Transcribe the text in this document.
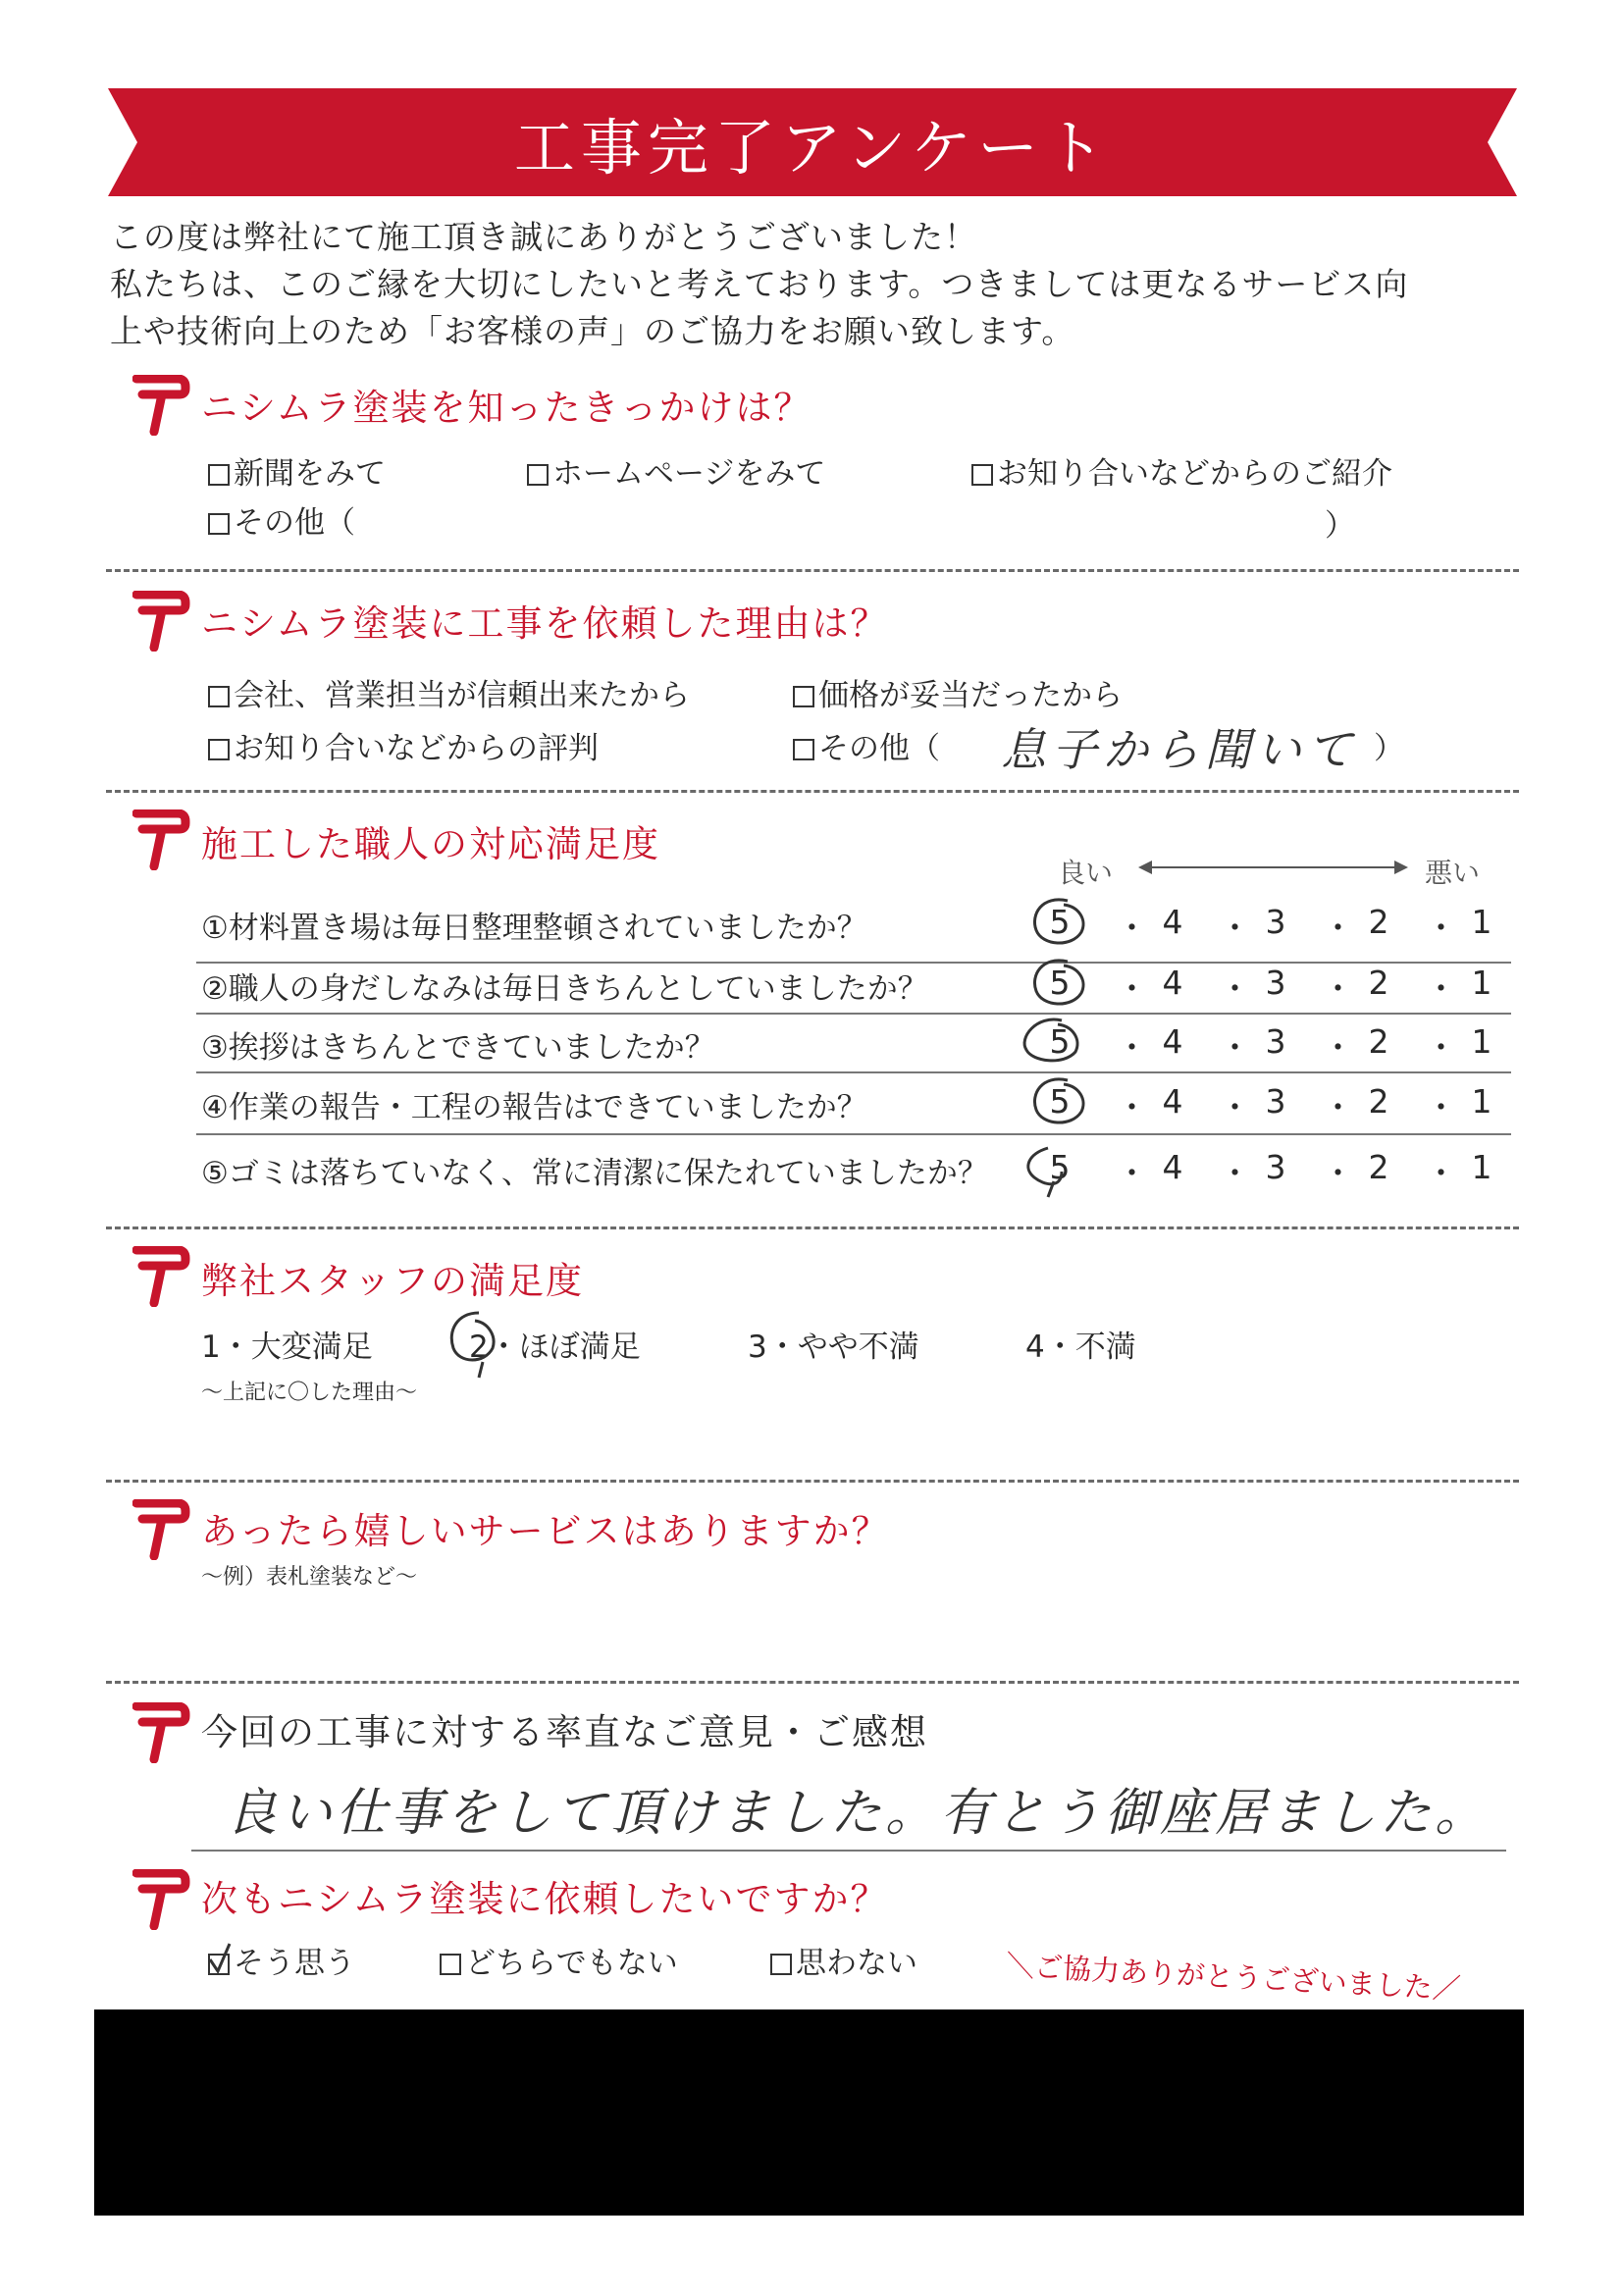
工事完了アンケート
この度は弊社にて施工頂き誠にありがとうございました！
私たちは、このご縁を大切にしたいと考えております。つきましては更なるサービス向
上や技術向上のため「お客様の声」のご協力をお願い致します。
ニシムラ塗装を知ったきっかけは？
新聞をみて	ホームページをみて	お知り合いなどからのご紹介
その他（	）
ニシムラ塗装に工事を依頼した理由は？
会社、営業担当が信頼出来たから	価格が妥当だったから
お知り合いなどからの評判	その他（ 息子から聞いて ）
施工した職人の対応満足度
良い	悪い
①材料置き場は毎日整理整頓されていましたか？	5 ・ 4 ・ 3 ・ 2 ・ 1
②職人の身だしなみは毎日きちんとしていましたか？	5 ・ 4 ・ 3 ・ 2 ・ 1
③挨拶はきちんとできていましたか？	5 ・ 4 ・ 3 ・ 2 ・ 1
④作業の報告・工程の報告はできていましたか？	5 ・ 4 ・ 3 ・ 2 ・ 1
⑤ゴミは落ちていなく、常に清潔に保たれていましたか？ 5 ・ 4 ・ 3 ・ 2 ・ 1
弊社スタッフの満足度
1・大変満足	2・ほぼ満足	3・やや不満	4・不満
～上記に〇した理由～
あったら嬉しいサービスはありますか？
～例）表札塗装など～
今回の工事に対する率直なご意見・ご感想
良い仕事をして頂けました。有とう御座居ました。
次もニシムラ塗装に依頼したいですか？
そう思う	どちらでもない	思わない	＼ご協力ありがとうございました／
